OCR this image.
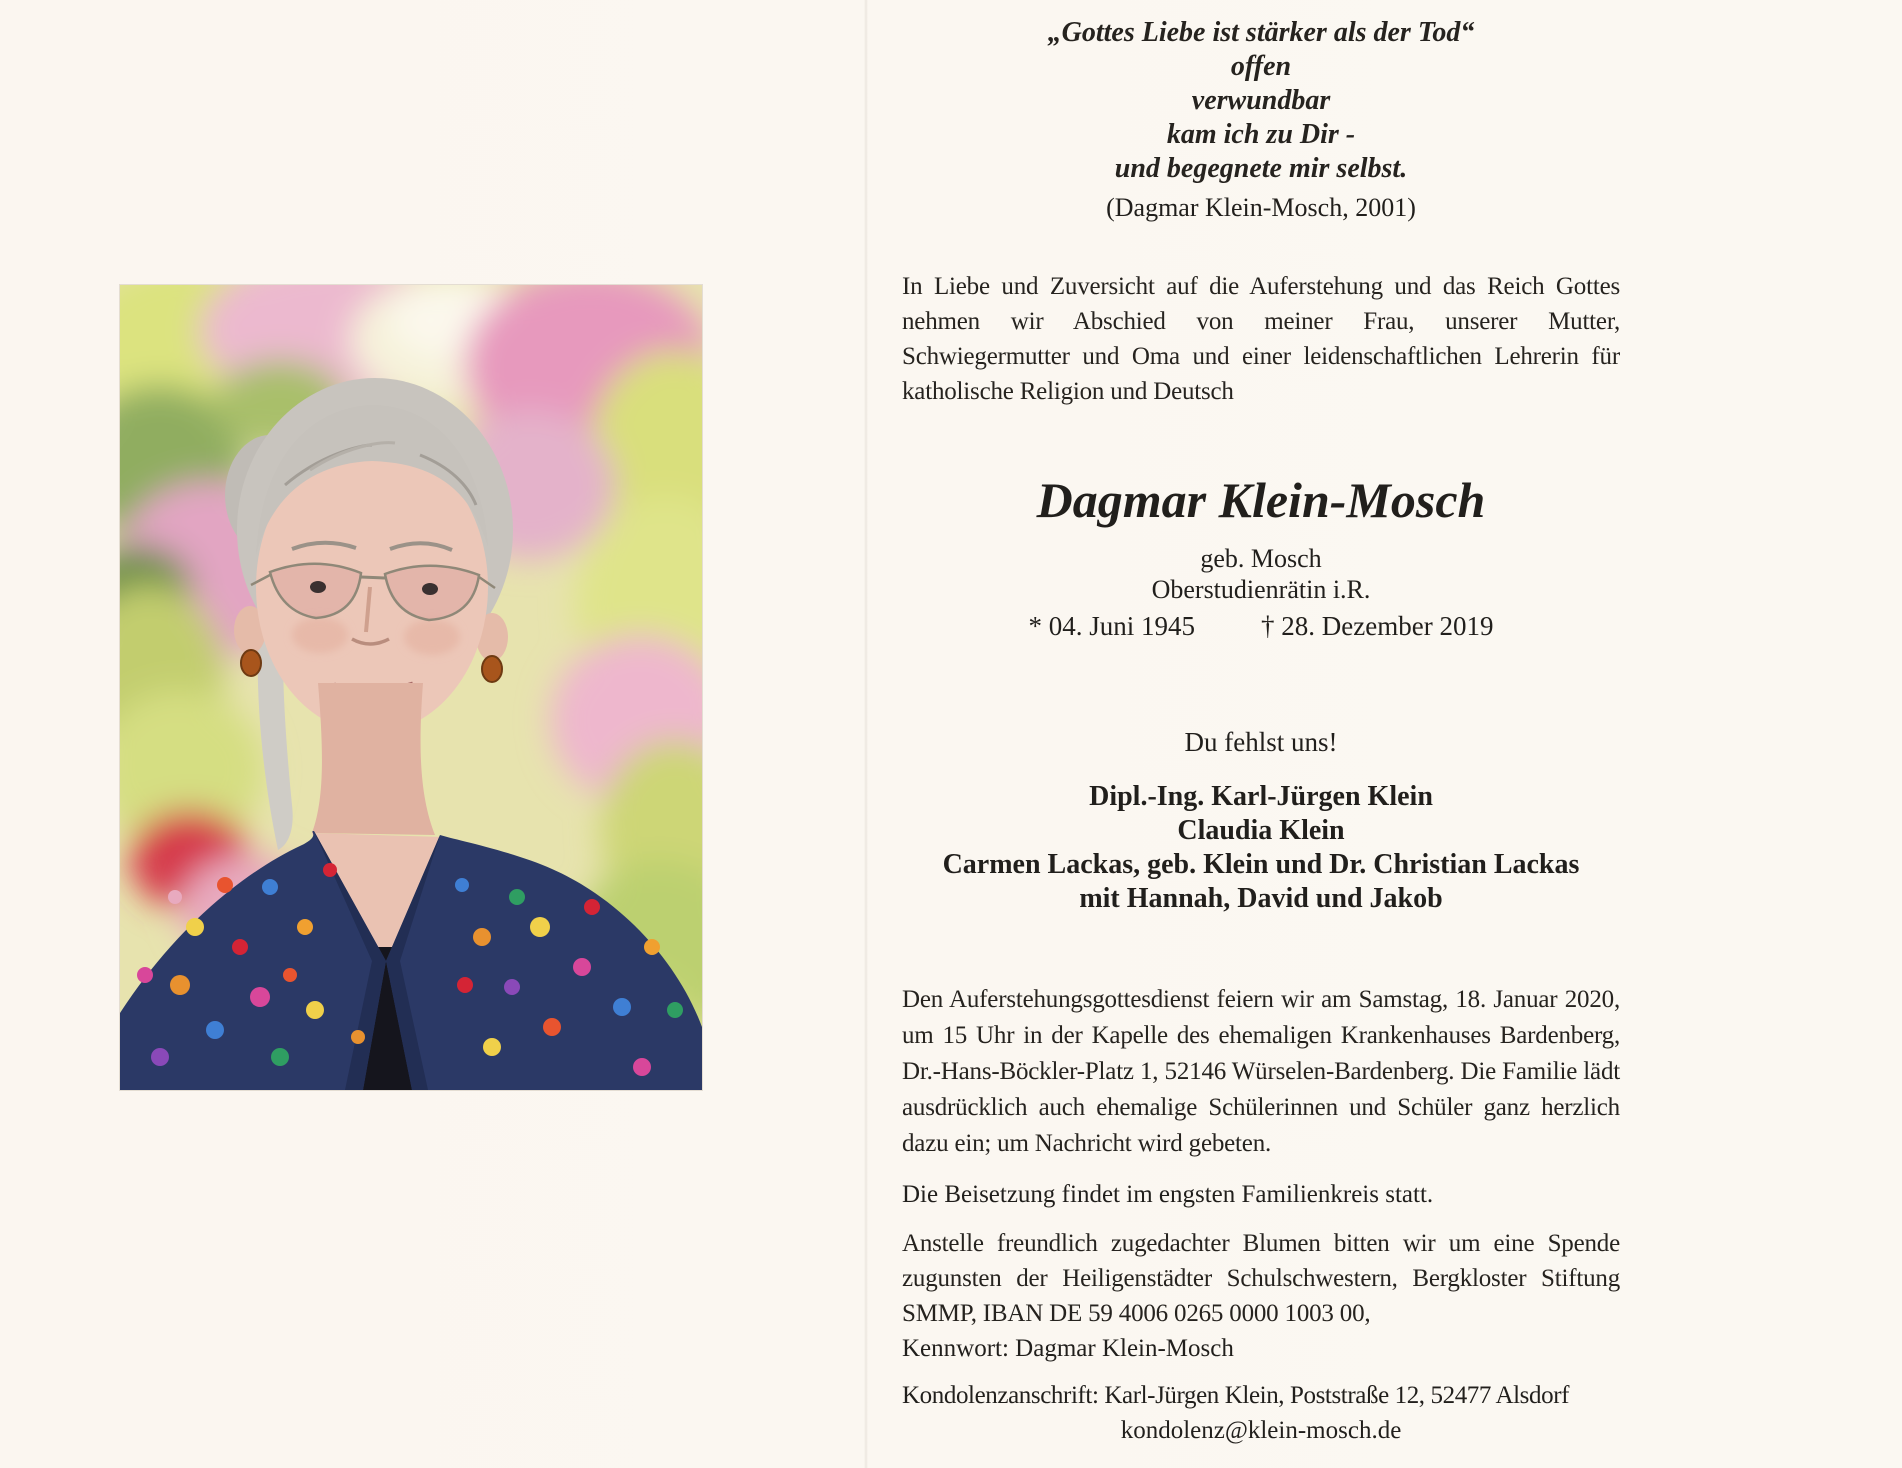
„Gottes Liebe ist stärker als der Tod“
offen
verwundbar
kam ich zu Dir -
und begegnete mir selbst.
(Dagmar Klein-Mosch, 2001)
In Liebe und Zuversicht auf die Auferstehung und das Reich Gottes nehmen wir Abschied von meiner Frau, unserer Mutter, Schwiegermutter und Oma und einer leidenschaftlichen Lehrerin für katholische Religion und Deutsch
Dagmar Klein-Mosch
geb. Mosch
Oberstudienrätin i.R.
* 04. Juni 1945 † 28. Dezember 2019
Du fehlst uns!
Dipl.-Ing. Karl-Jürgen Klein
Claudia Klein
Carmen Lackas, geb. Klein und Dr. Christian Lackas
mit Hannah, David und Jakob
Den Auferstehungsgottesdienst feiern wir am Samstag, 18. Januar 2020, um 15 Uhr in der Kapelle des ehemaligen Krankenhauses Bardenberg, Dr.-Hans-Böckler-Platz 1, 52146 Würselen-Bardenberg. Die Familie lädt ausdrücklich auch ehemalige Schülerinnen und Schüler ganz herzlich dazu ein; um Nachricht wird gebeten.
Die Beisetzung findet im engsten Familienkreis statt.
Anstelle freundlich zugedachter Blumen bitten wir um eine Spende zugunsten der Heiligenstädter Schulschwestern, Bergkloster Stiftung SMMP, IBAN DE 59 4006 0265 0000 1003 00,
Kennwort: Dagmar Klein-Mosch
Kondolenzanschrift: Karl-Jürgen Klein, Poststraße 12, 52477 Alsdorf
kondolenz@klein-mosch.de
